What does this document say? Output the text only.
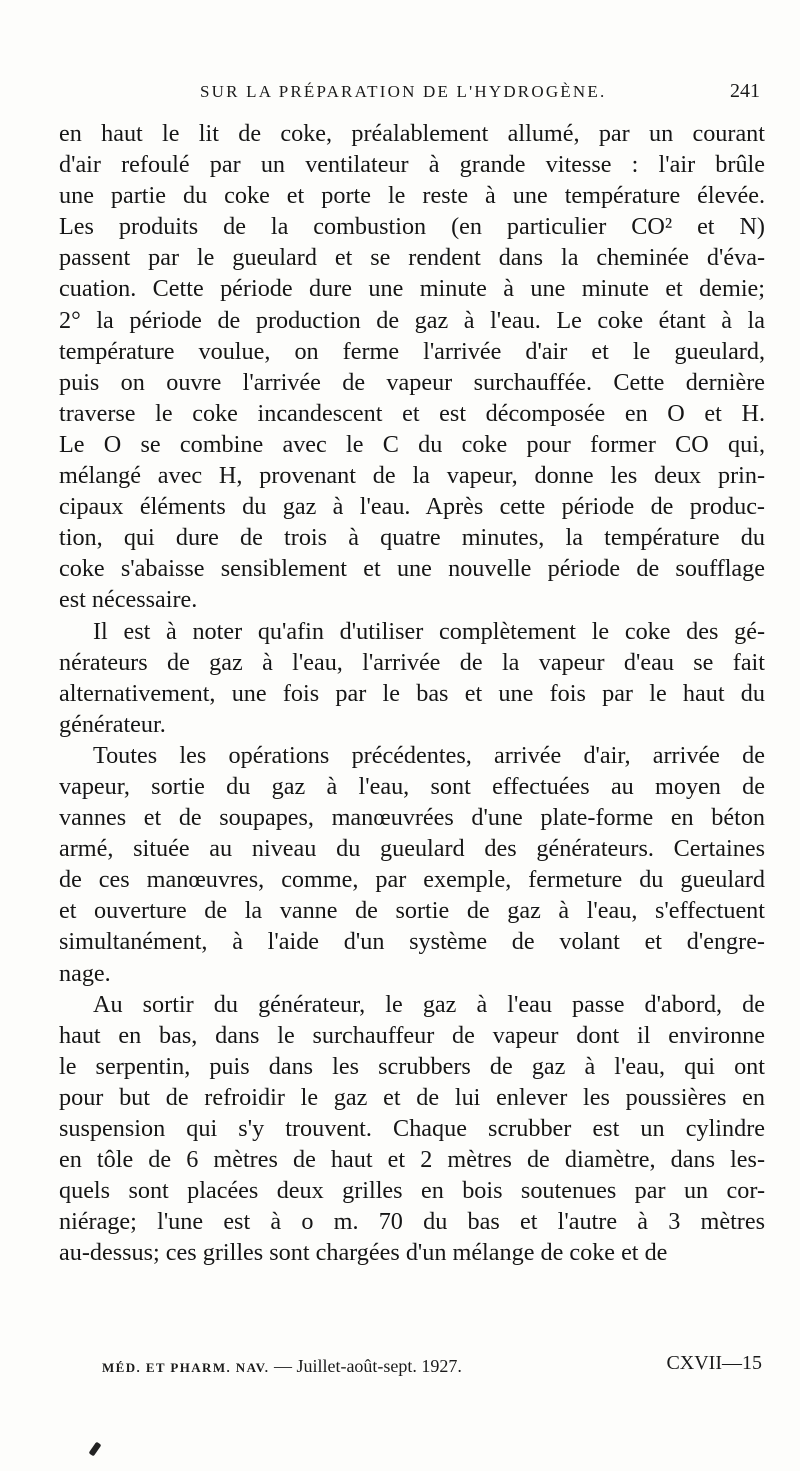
SUR LA PRÉPARATION DE L'HYDROGÈNE.	241

en haut le lit de coke, préalablement allumé, par un courant
d'air refoulé par un ventilateur à grande vitesse : l'air brûle
une partie du coke et porte le reste à une température élevée.
Les produits de la combustion (en particulier CO² et N)
passent par le gueulard et se rendent dans la cheminée d'éva-
cuation. Cette période dure une minute à une minute et demie;
2° la période de production de gaz à l'eau. Le coke étant à la
température voulue, on ferme l'arrivée d'air et le gueulard,
puis on ouvre l'arrivée de vapeur surchauffée. Cette dernière
traverse le coke incandescent et est décomposée en O et H.
Le O se combine avec le C du coke pour former CO qui,
mélangé avec H, provenant de la vapeur, donne les deux prin-
cipaux éléments du gaz à l'eau. Après cette période de produc-
tion, qui dure de trois à quatre minutes, la température du
coke s'abaisse sensiblement et une nouvelle période de soufflage
est nécessaire.

Il est à noter qu'afin d'utiliser complètement le coke des gé-
nérateurs de gaz à l'eau, l'arrivée de la vapeur d'eau se fait
alternativement, une fois par le bas et une fois par le haut du
générateur.

Toutes les opérations précédentes, arrivée d'air, arrivée de
vapeur, sortie du gaz à l'eau, sont effectuées au moyen de
vannes et de soupapes, manœuvrées d'une plate-forme en béton
armé, située au niveau du gueulard des générateurs. Certaines
de ces manœuvres, comme, par exemple, fermeture du gueulard
et ouverture de la vanne de sortie de gaz à l'eau, s'effectuent
simultanément, à l'aide d'un système de volant et d'engre-
nage.

Au sortir du générateur, le gaz à l'eau passe d'abord, de
haut en bas, dans le surchauffeur de vapeur dont il environne
le serpentin, puis dans les scrubbers de gaz à l'eau, qui ont
pour but de refroidir le gaz et de lui enlever les poussières en
suspension qui s'y trouvent. Chaque scrubber est un cylindre
en tôle de 6 mètres de haut et 2 mètres de diamètre, dans les-
quels sont placées deux grilles en bois soutenues par un cor-
niérage; l'une est à o m. 70 du bas et l'autre à 3 mètres
au-dessus; ces grilles sont chargées d'un mélange de coke et de

MÉD. ET PHARM. NAV. — Juillet-août-sept. 1927.	CXVII—15
